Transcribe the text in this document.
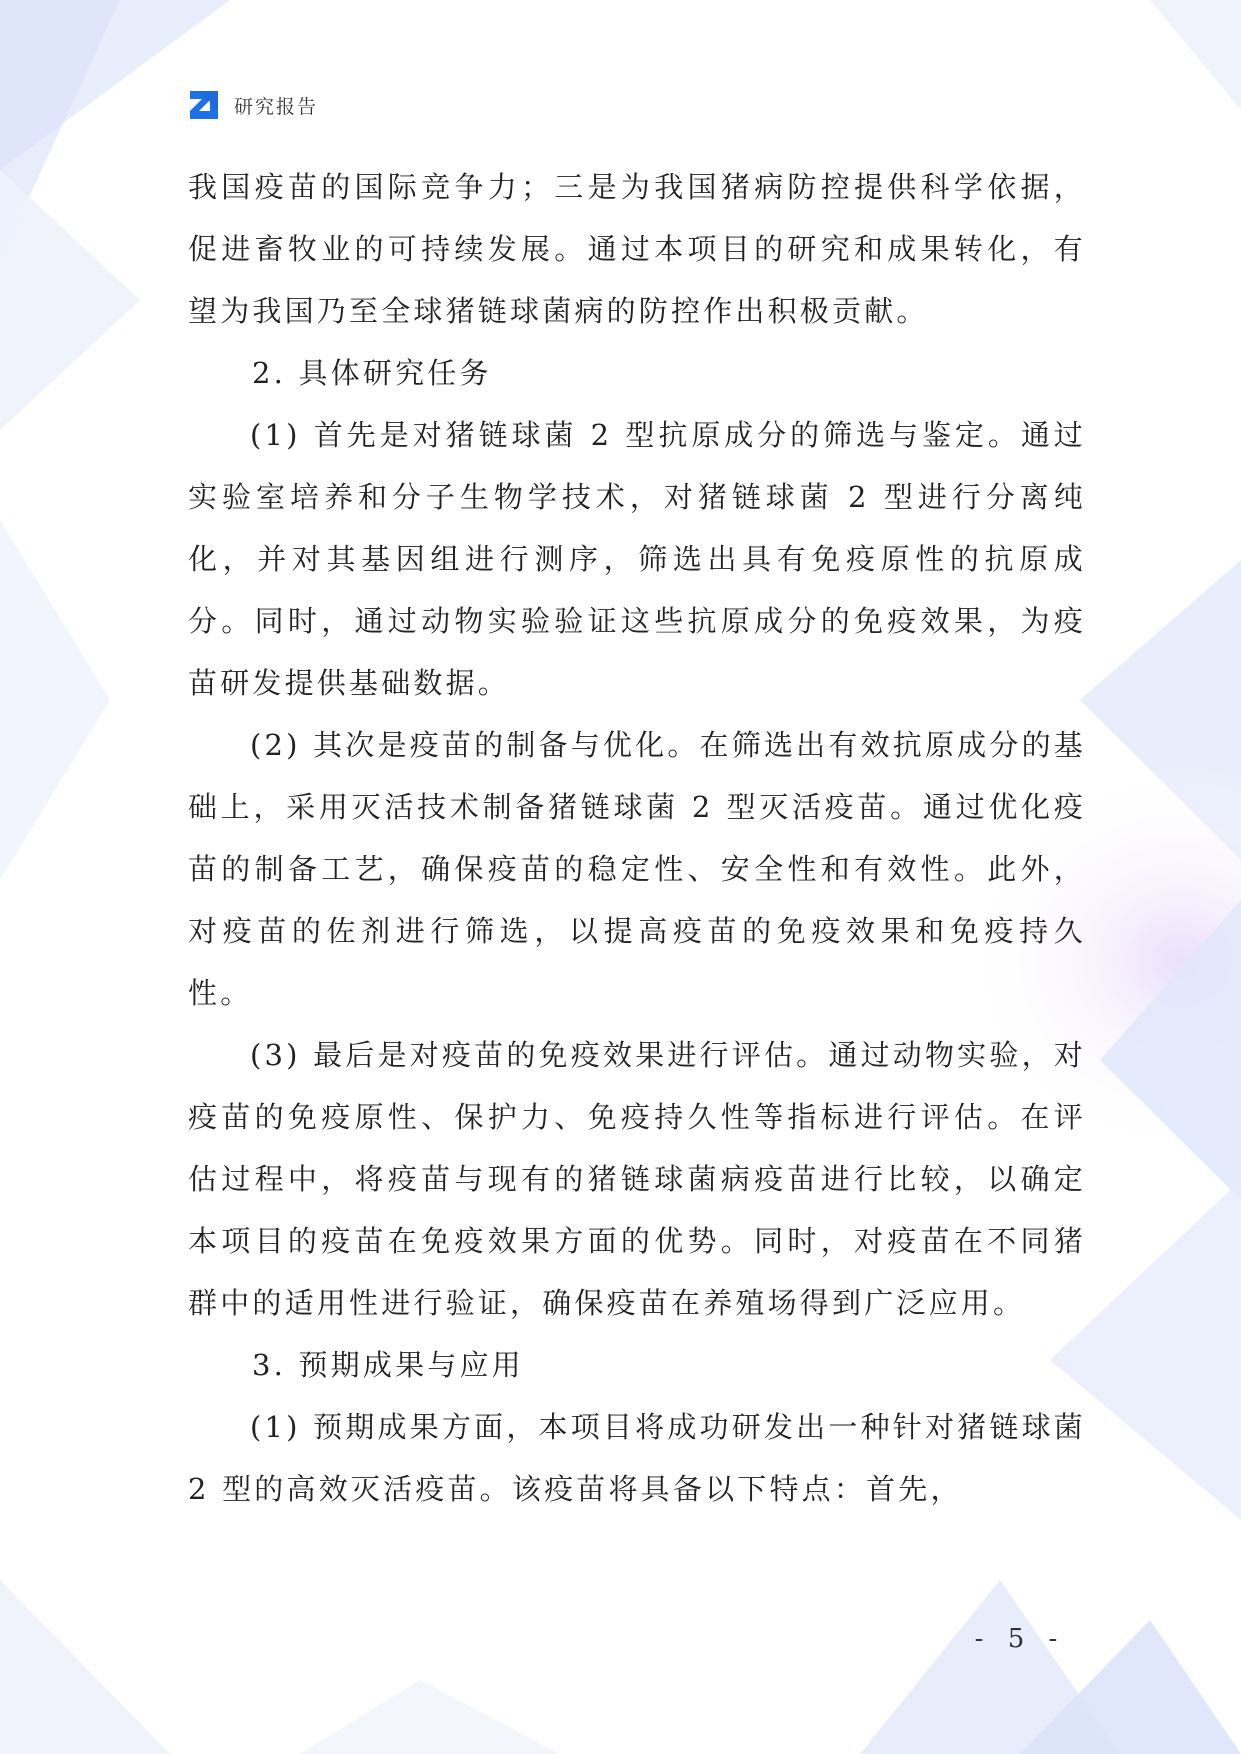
研究报告

我国疫苗的国际竞争力；三是为我国猪病防控提供科学依据，促进畜牧业的可持续发展。通过本项目的研究和成果转化，有望为我国乃至全球猪链球菌病的防控作出积极贡献。

2. 具体研究任务

(1) 首先是对猪链球菌 2 型抗原成分的筛选与鉴定。通过实验室培养和分子生物学技术，对猪链球菌 2 型进行分离纯化，并对其基因组进行测序，筛选出具有免疫原性的抗原成分。同时，通过动物实验验证这些抗原成分的免疫效果，为疫苗研发提供基础数据。

(2) 其次是疫苗的制备与优化。在筛选出有效抗原成分的基础上，采用灭活技术制备猪链球菌 2 型灭活疫苗。通过优化疫苗的制备工艺，确保疫苗的稳定性、安全性和有效性。此外，对疫苗的佐剂进行筛选，以提高疫苗的免疫效果和免疫持久性。

(3) 最后是对疫苗的免疫效果进行评估。通过动物实验，对疫苗的免疫原性、保护力、免疫持久性等指标进行评估。在评估过程中，将疫苗与现有的猪链球菌病疫苗进行比较，以确定本项目的疫苗在免疫效果方面的优势。同时，对疫苗在不同猪群中的适用性进行验证，确保疫苗在养殖场得到广泛应用。

3. 预期成果与应用

(1) 预期成果方面，本项目将成功研发出一种针对猪链球菌 2 型的高效灭活疫苗。该疫苗将具备以下特点：首先，

- 5 -
